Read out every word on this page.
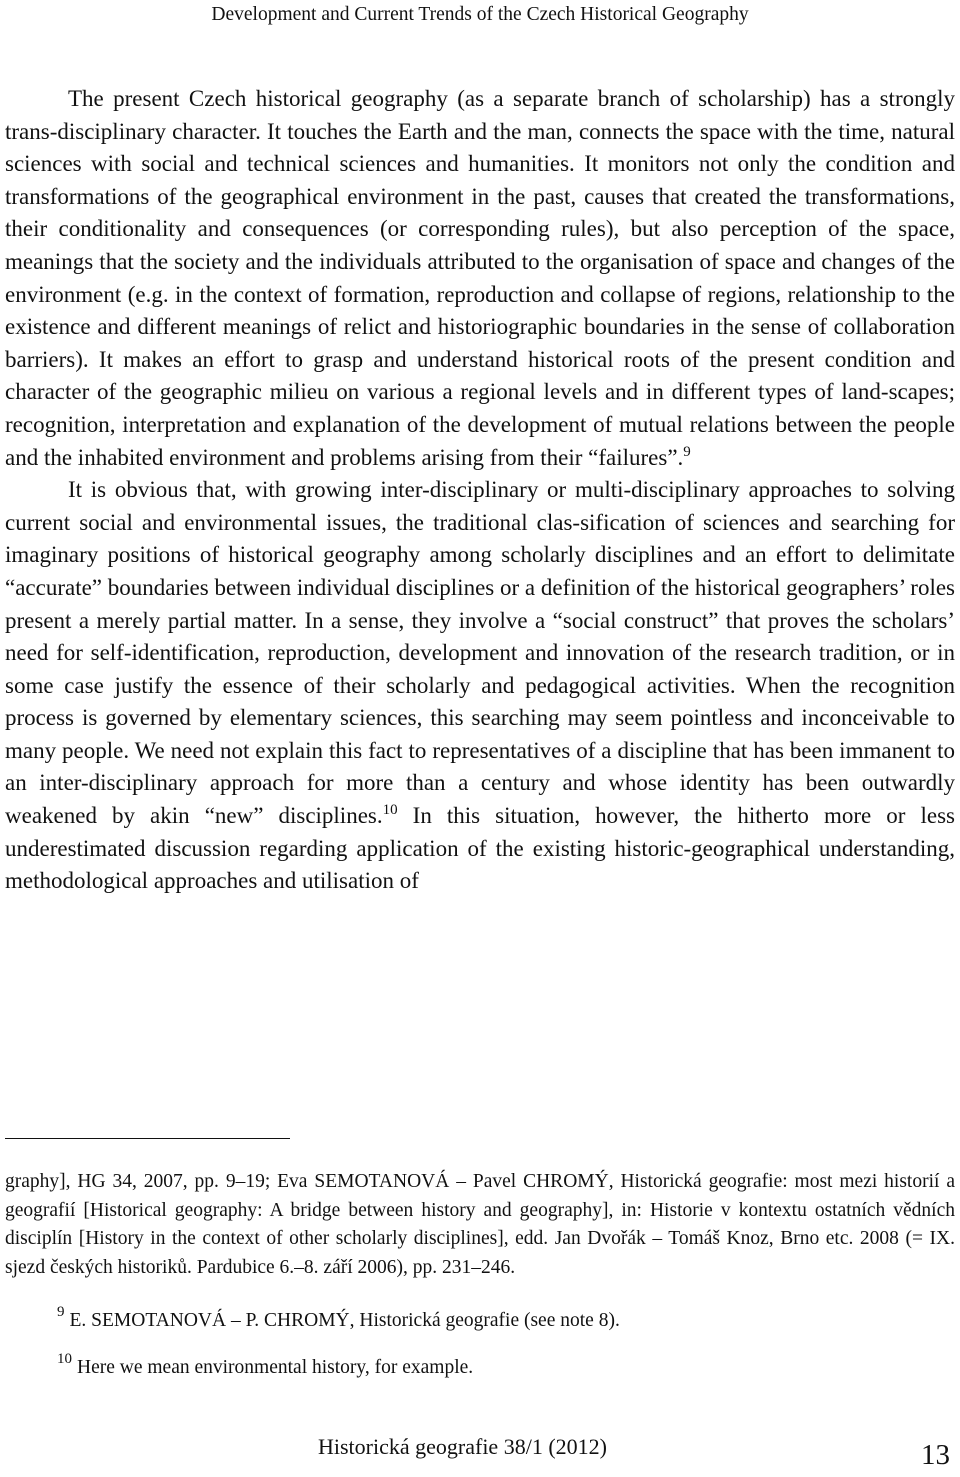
Development and Current Trends of the Czech Historical Geography

The present Czech historical geography (as a separate branch of scholarship) has a strongly trans-disciplinary character. It touches the Earth and the man, connects the space with the time, natural sciences with social and technical sciences and humanities. It monitors not only the condition and transformations of the geographical environment in the past, causes that created the transformations, their conditionality and consequences (or corresponding rules), but also perception of the space, meanings that the society and the individuals attributed to the organisation of space and changes of the environment (e.g. in the context of formation, reproduction and collapse of regions, relationship to the existence and different meanings of relict and historiographic boundaries in the sense of collaboration barriers). It makes an effort to grasp and understand historical roots of the present condition and character of the geographic milieu on various a regional levels and in different types of land-scapes; recognition, interpretation and explanation of the development of mutual relations between the people and the inhabited environment and problems arising from their “failures”.$^9$

It is obvious that, with growing inter-disciplinary or multi-disciplinary approaches to solving current social and environmental issues, the traditional clas-sification of sciences and searching for imaginary positions of historical geography among scholarly disciplines and an effort to delimitate “accurate” boundaries between individual disciplines or a definition of the historical geographers’ roles present a merely partial matter. In a sense, they involve a “social construct” that proves the scholars’ need for self-identification, reproduction, development and innovation of the research tradition, or in some case justify the essence of their scholarly and pedagogical activities. When the recognition process is governed by elementary sciences, this searching may seem pointless and inconceivable to many people. We need not explain this fact to representatives of a discipline that has been immanent to an inter-disciplinary approach for more than a century and whose identity has been outwardly weakened by akin “new” disciplines.$^{10}$ In this situation, however, the hitherto more or less underestimated discussion regarding application of the existing historic-geographical understanding, methodological approaches and utilisation of

graphy], HG 34, 2007, pp. 9–19; Eva SEMOTANOVÁ – Pavel CHROMÝ, Historická geografie: most mezi historií a geografií [Historical geography: A bridge between history and geography], in: Historie v kontextu ostatních vědních disciplín [History in the context of other scholarly disciplines], edd. Jan Dvořák – Tomáš Knoz, Brno etc. 2008 (= IX. sjezd českých historiků. Pardubice 6.–8. září 2006), pp. 231–246.

$^9$ E. SEMOTANOVÁ – P. CHROMÝ, Historická geografie (see note 8).

$^{10}$ Here we mean environmental history, for example.

Historická geografie 38/1 (2012)	13
